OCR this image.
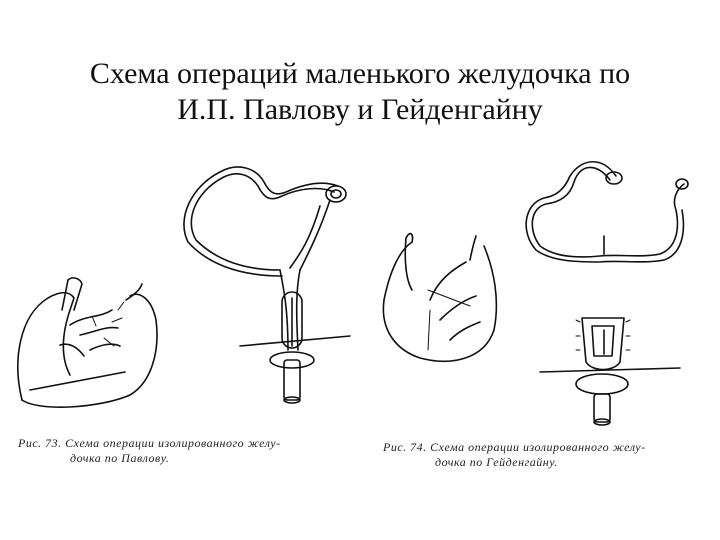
Схема операций маленького желудочка по
И.П. Павлову и Гейденгайну
Рис. 73. Схема операции изолированного желу-
дочка по Павлову.
Рис. 74. Схема операции изолированного желу-
дочка по Гейденгайну.
